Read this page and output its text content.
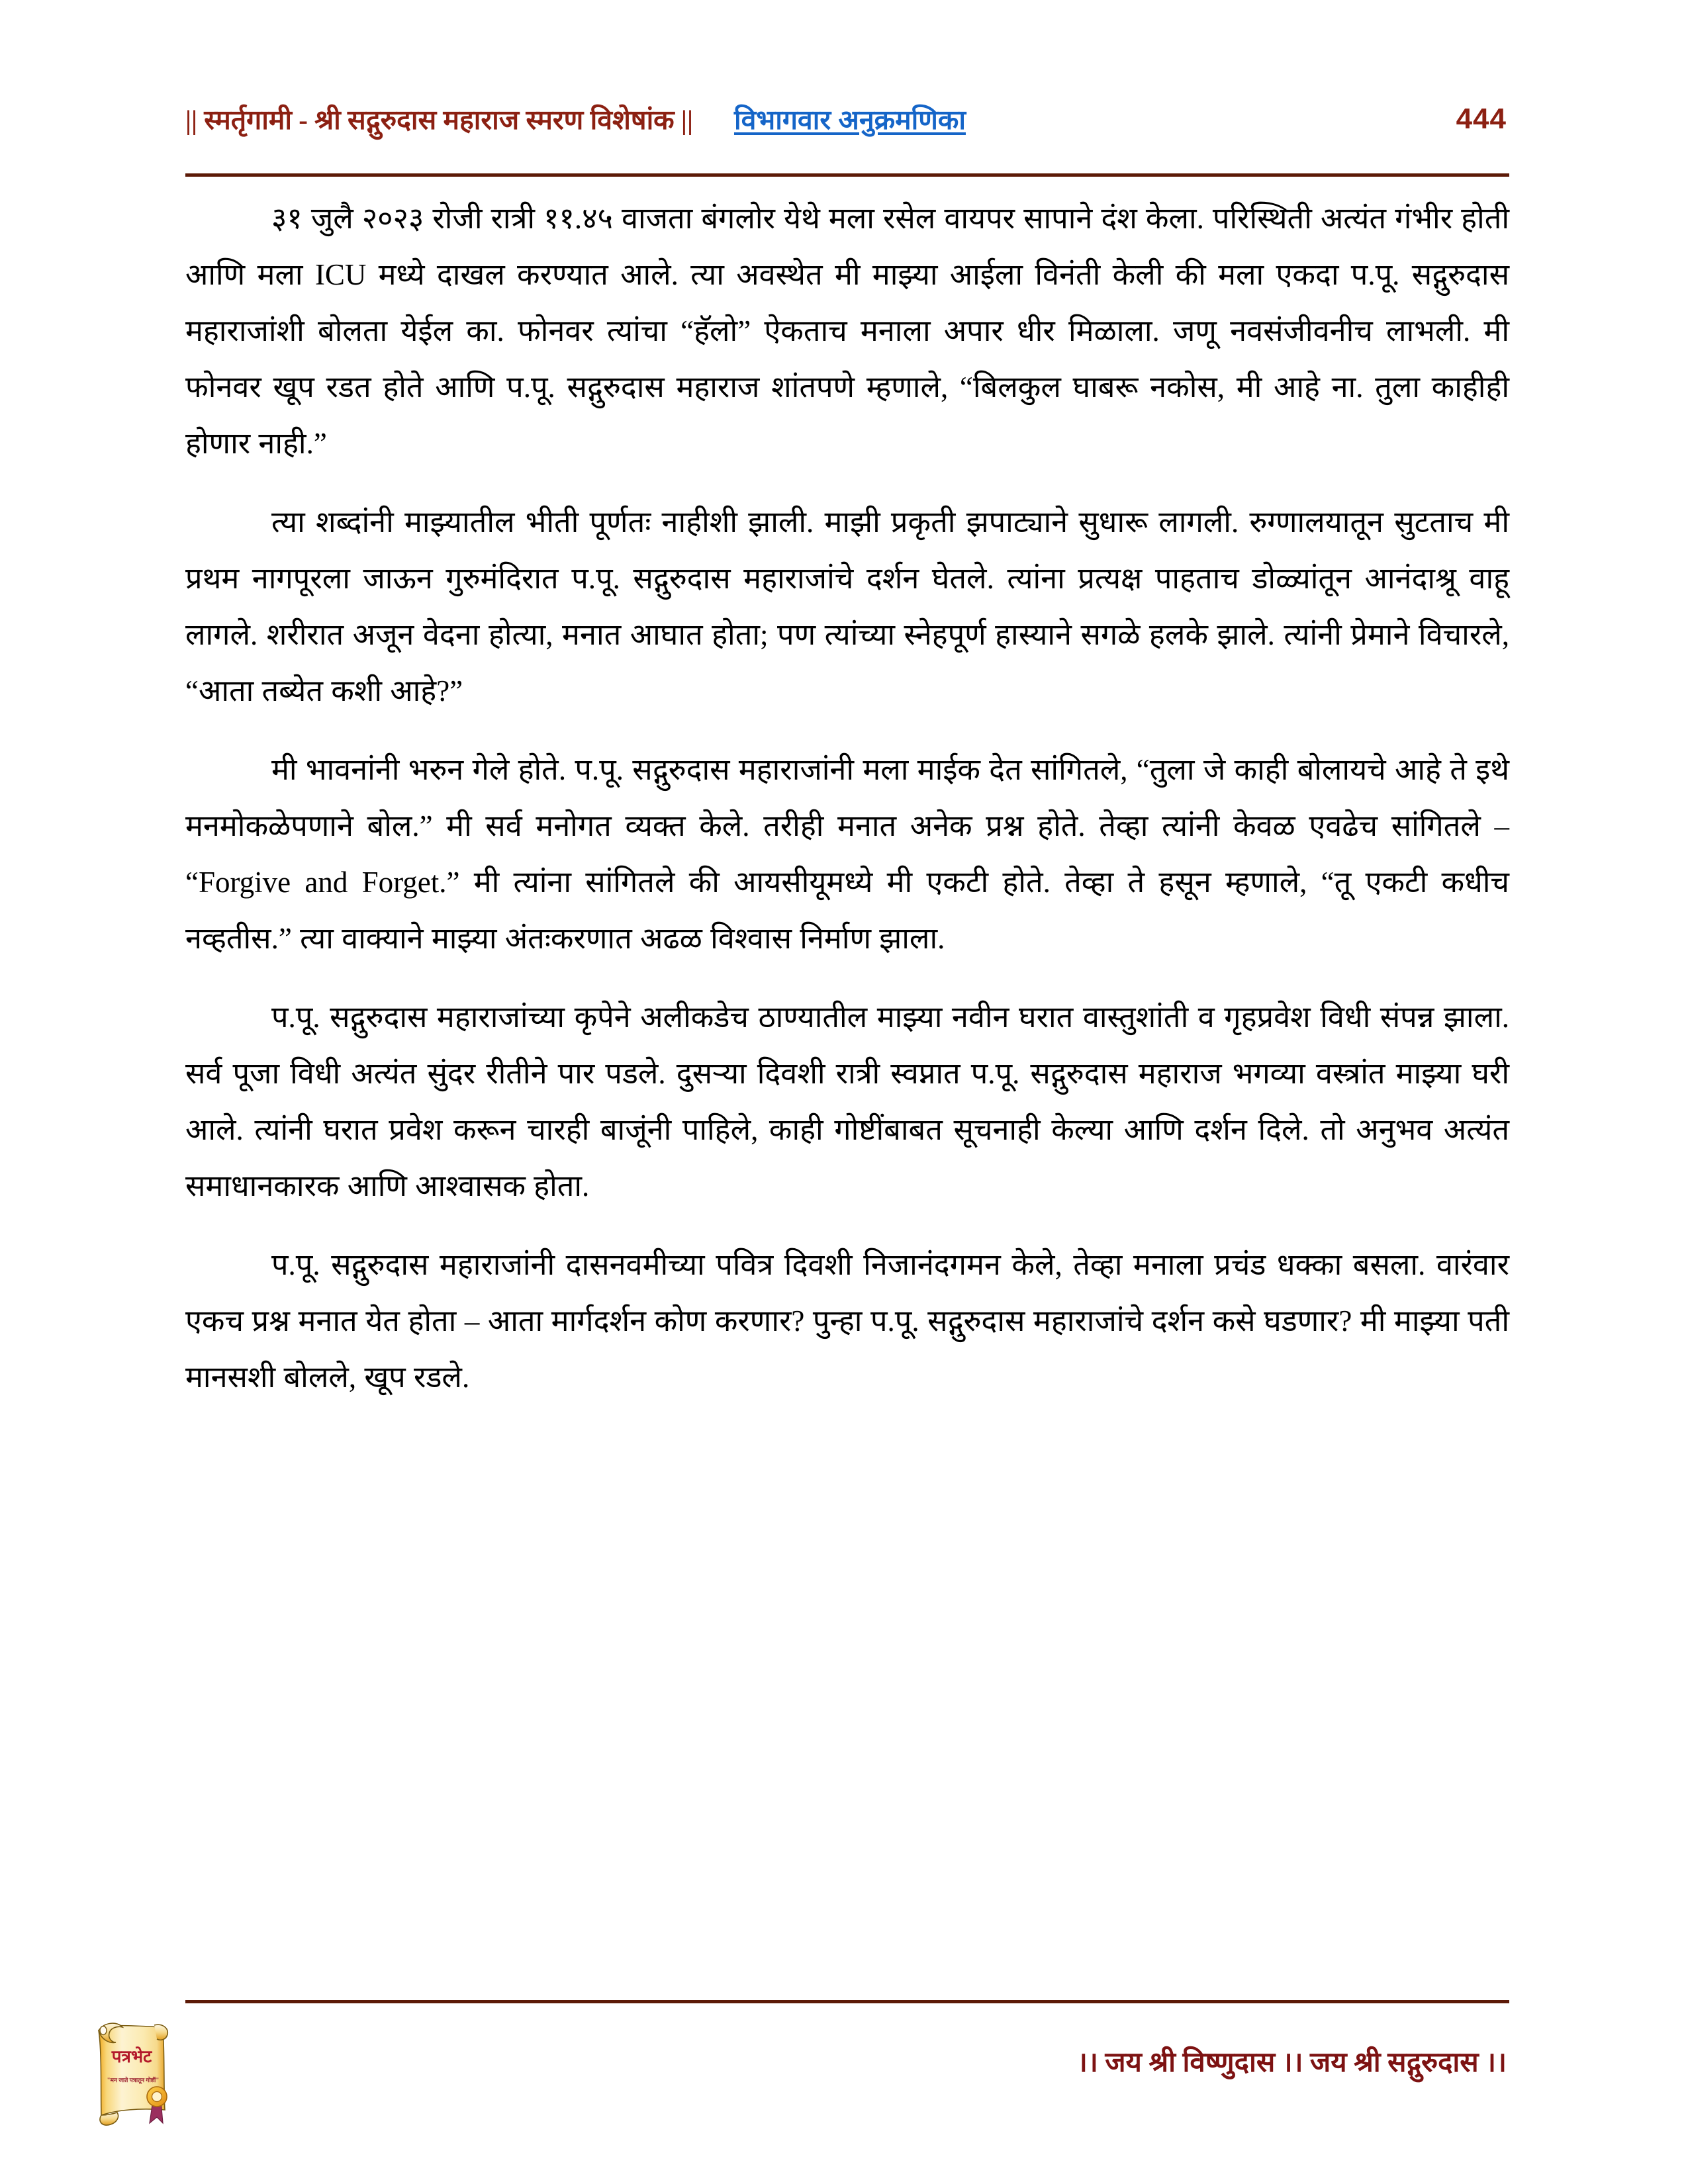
|| स्मर्तृगामी - श्री सद्गुरुदास महाराज स्मरण विशेषांक || विभागवार अनुक्रमणिका	444

३१ जुलै २०२३ रोजी रात्री ११.४५ वाजता बंगलोर येथे मला रसेल वायपर सापाने दंश केला. परिस्थिती अत्यंत गंभीर होती आणि मला ICU मध्ये दाखल करण्यात आले. त्या अवस्थेत मी माझ्या आईला विनंती केली की मला एकदा प.पू. सद्गुरुदास महाराजांशी बोलता येईल का. फोनवर त्यांचा “हॅलो” ऐकताच मनाला अपार धीर मिळाला. जणू नवसंजीवनीच लाभली. मी फोनवर खूप रडत होते आणि प.पू. सद्गुरुदास महाराज शांतपणे म्हणाले, “बिलकुल घाबरू नकोस, मी आहे ना. तुला काहीही होणार नाही.”

त्या शब्दांनी माझ्यातील भीती पूर्णतः नाहीशी झाली. माझी प्रकृती झपाट्याने सुधारू लागली. रुग्णालयातून सुटताच मी प्रथम नागपूरला जाऊन गुरुमंदिरात प.पू. सद्गुरुदास महाराजांचे दर्शन घेतले. त्यांना प्रत्यक्ष पाहताच डोळ्यांतून आनंदाश्रू वाहू लागले. शरीरात अजून वेदना होत्या, मनात आघात होता; पण त्यांच्या स्नेहपूर्ण हास्याने सगळे हलके झाले. त्यांनी प्रेमाने विचारले, “आता तब्येत कशी आहे?”

मी भावनांनी भरुन गेले होते. प.पू. सद्गुरुदास महाराजांनी मला माईक देत सांगितले, “तुला जे काही बोलायचे आहे ते इथे मनमोकळेपणाने बोल.” मी सर्व मनोगत व्यक्त केले. तरीही मनात अनेक प्रश्न होते. तेव्हा त्यांनी केवळ एवढेच सांगितले – “Forgive and Forget.” मी त्यांना सांगितले की आयसीयूमध्ये मी एकटी होते. तेव्हा ते हसून म्हणाले, “तू एकटी कधीच नव्हतीस.” त्या वाक्याने माझ्या अंतःकरणात अढळ विश्वास निर्माण झाला.

प.पू. सद्गुरुदास महाराजांच्या कृपेने अलीकडेच ठाण्यातील माझ्या नवीन घरात वास्तुशांती व गृहप्रवेश विधी संपन्न झाला. सर्व पूजा विधी अत्यंत सुंदर रीतीने पार पडले. दुसऱ्या दिवशी रात्री स्वप्नात प.पू. सद्गुरुदास महाराज भगव्या वस्त्रांत माझ्या घरी आले. त्यांनी घरात प्रवेश करून चारही बाजूंनी पाहिले, काही गोष्टींबाबत सूचनाही केल्या आणि दर्शन दिले. तो अनुभव अत्यंत समाधानकारक आणि आश्वासक होता.

प.पू. सद्गुरुदास महाराजांनी दासनवमीच्या पवित्र दिवशी निजानंदगमन केले, तेव्हा मनाला प्रचंड धक्का बसला. वारंवार एकच प्रश्न मनात येत होता – आता मार्गदर्शन कोण करणार? पुन्हा प.पू. सद्गुरुदास महाराजांचे दर्शन कसे घडणार? मी माझ्या पती मानसशी बोलले, खूप रडले.

पत्रभेट
"मन जाते पत्रातून गोष्टीं"
।। जय श्री विष्णुदास ।। जय श्री सद्गुरुदास ।।
